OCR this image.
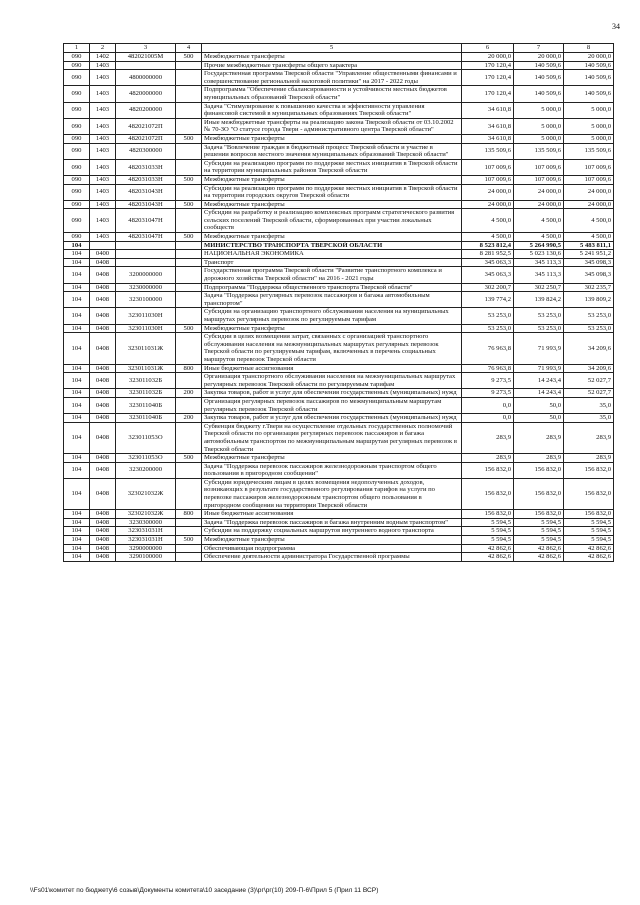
34
1	2	3	4	5	6	7	8
090	1402	482021005М	500	Межбюджетные трансферты	20 000,0	20 000,0	20 000,0
090	1403			Прочие межбюджетные трансферты общего характера	170 120,4	140 509,6	140 509,6
090	1403	4800000000		Государственная программа Тверской области "Управление общественными финансами и совершенствование региональной налоговой политики" на 2017 - 2022 годы	170 120,4	140 509,6	140 509,6
090	1403	4820000000		Подпрограмма "Обеспечение сбалансированности и устойчивости местных бюджетов муниципальных образований Тверской области"	170 120,4	140 509,6	140 509,6
090	1403	4820200000		Задача "Стимулирование к повышению качества и эффективности управления финансовой системой в муниципальных образованиях Тверской области"	34 610,8	5 000,0	5 000,0
090	1403	482021072П		Иные межбюджетные трансферты на реализацию закона Тверской области от 03.10.2002 № 70-ЗО "О статусе города Твери - административного центра Тверской области"	34 610,8	5 000,0	5 000,0
090	1403	482021072П	500	Межбюджетные трансферты	34 610,8	5 000,0	5 000,0
090	1403	4820300000		Задача "Вовлечение граждан в бюджетный процесс Тверской области и участие в решении вопросов местного значения муниципальных образований Тверской области"	135 509,6	135 509,6	135 509,6
090	1403	482031033Н		Субсидии на реализацию программ по поддержке местных инициатив в Тверской области на территории муниципальных районов Тверской области	107 009,6	107 009,6	107 009,6
090	1403	482031033Н	500	Межбюджетные трансферты	107 009,6	107 009,6	107 009,6
090	1403	482031043Н		Субсидии на реализацию программ по поддержке местных инициатив в Тверской области на территории городских округов Тверской области	24 000,0	24 000,0	24 000,0
090	1403	482031043Н	500	Межбюджетные трансферты	24 000,0	24 000,0	24 000,0
090	1403	482031047Н		Субсидии на разработку и реализацию комплексных программ стратегического развития сельских поселений Тверской области, сформированных при участии локальных сообществ	4 500,0	4 500,0	4 500,0
090	1403	482031047Н	500	Межбюджетные трансферты	4 500,0	4 500,0	4 500,0
104				МИНИСТЕРСТВО ТРАНСПОРТА ТВЕРСКОЙ ОБЛАСТИ	8 523 812,4	5 264 990,5	5 483 811,1
104	0400			НАЦИОНАЛЬНАЯ ЭКОНОМИКА	8 281 952,5	5 023 130,6	5 241 951,2
104	0408			Транспорт	345 063,3	345 113,3	345 098,3
104	0408	3200000000		Государственная программа Тверской области "Развитие транспортного комплекса и дорожного хозяйства Тверской области" на 2016 - 2021 годы	345 063,3	345 113,3	345 098,3
104	0408	3230000000		Подпрограмма "Поддержка общественного транспорта Тверской области"	302 200,7	302 250,7	302 235,7
104	0408	3230100000		Задача "Поддержка регулярных перевозок пассажиров и багажа автомобильным транспортом"	139 774,2	139 824,2	139 809,2
104	0408	323011030Н		Субсидии на организацию транспортного обслуживания населения на муниципальных маршрутах регулярных перевозок по регулируемым тарифам	53 253,0	53 253,0	53 253,0
104	0408	323011030Н	500	Межбюджетные трансферты	53 253,0	53 253,0	53 253,0
104	0408	323011031Ж		Субсидии в целях возмещения затрат, связанных с организацией транспортного обслуживания населения на межмуниципальных маршрутах регулярных перевозок Тверской области по регулируемым тарифам, включенных в перечень социальных маршрутов перевозок Тверской области	76 963,8	71 993,9	34 209,6
104	0408	323011031Ж	800	Иные бюджетные ассигнования	76 963,8	71 993,9	34 209,6
104	0408	323011032Б		Организация транспортного обслуживания населения на межмуниципальных маршрутах регулярных перевозок Тверской области по регулируемым тарифам	9 273,5	14 243,4	52 027,7
104	0408	323011032Б	200	Закупка товаров, работ и услуг для обеспечения государственных (муниципальных) нужд	9 273,5	14 243,4	52 027,7
104	0408	323011040Б		Организация регулярных перевозок пассажиров по межмуниципальным маршрутам регулярных перевозок Тверской области	0,0	50,0	35,0
104	0408	323011040Б	200	Закупка товаров, работ и услуг для обеспечения государственных (муниципальных) нужд	0,0	50,0	35,0
104	0408	323011053О		Субвенция бюджету г.Твери на осуществление отдельных государственных полномочий Тверской области по организации регулярных перевозок пассажиров и багажа автомобильным транспортом по межмуниципальным маршрутам регулярных перевозок в Тверской области	283,9	283,9	283,9
104	0408	323011053О	500	Межбюджетные трансферты	283,9	283,9	283,9
104	0408	3230200000		Задача "Поддержка перевозок пассажиров железнодорожным транспортом общего пользования в пригородном сообщении"	156 832,0	156 832,0	156 832,0
104	0408	323021032Ж		Субсидии юридическим лицам в целях возмещения недополученных доходов, возникающих в результате государственного регулирования тарифов на услуги по перевозке пассажиров железнодорожным транспортом общего пользования в пригородном сообщении на территории Тверской области	156 832,0	156 832,0	156 832,0
104	0408	323021032Ж	800	Иные бюджетные ассигнования	156 832,0	156 832,0	156 832,0
104	0408	3230300000		Задача "Поддержка перевозок пассажиров и багажа внутренним водным транспортом"	5 594,5	5 594,5	5 594,5
104	0408	323031031Н		Субсидии на поддержку социальных маршрутов внутреннего водного транспорта	5 594,5	5 594,5	5 594,5
104	0408	323031031Н	500	Межбюджетные трансферты	5 594,5	5 594,5	5 594,5
104	0408	3290000000		Обеспечивающая подпрограмма	42 862,6	42 862,6	42 862,6
104	0408	3290100000		Обеспечение деятельности администратора Государственной программы	42 862,6	42 862,6	42 862,6
\\Fs01\комитет по бюджету\6 созыв\Документы комитета\10 заседание (3)\рг\рг(10) 209-П-6\Прил 5 (Прил 11 ВСР)
